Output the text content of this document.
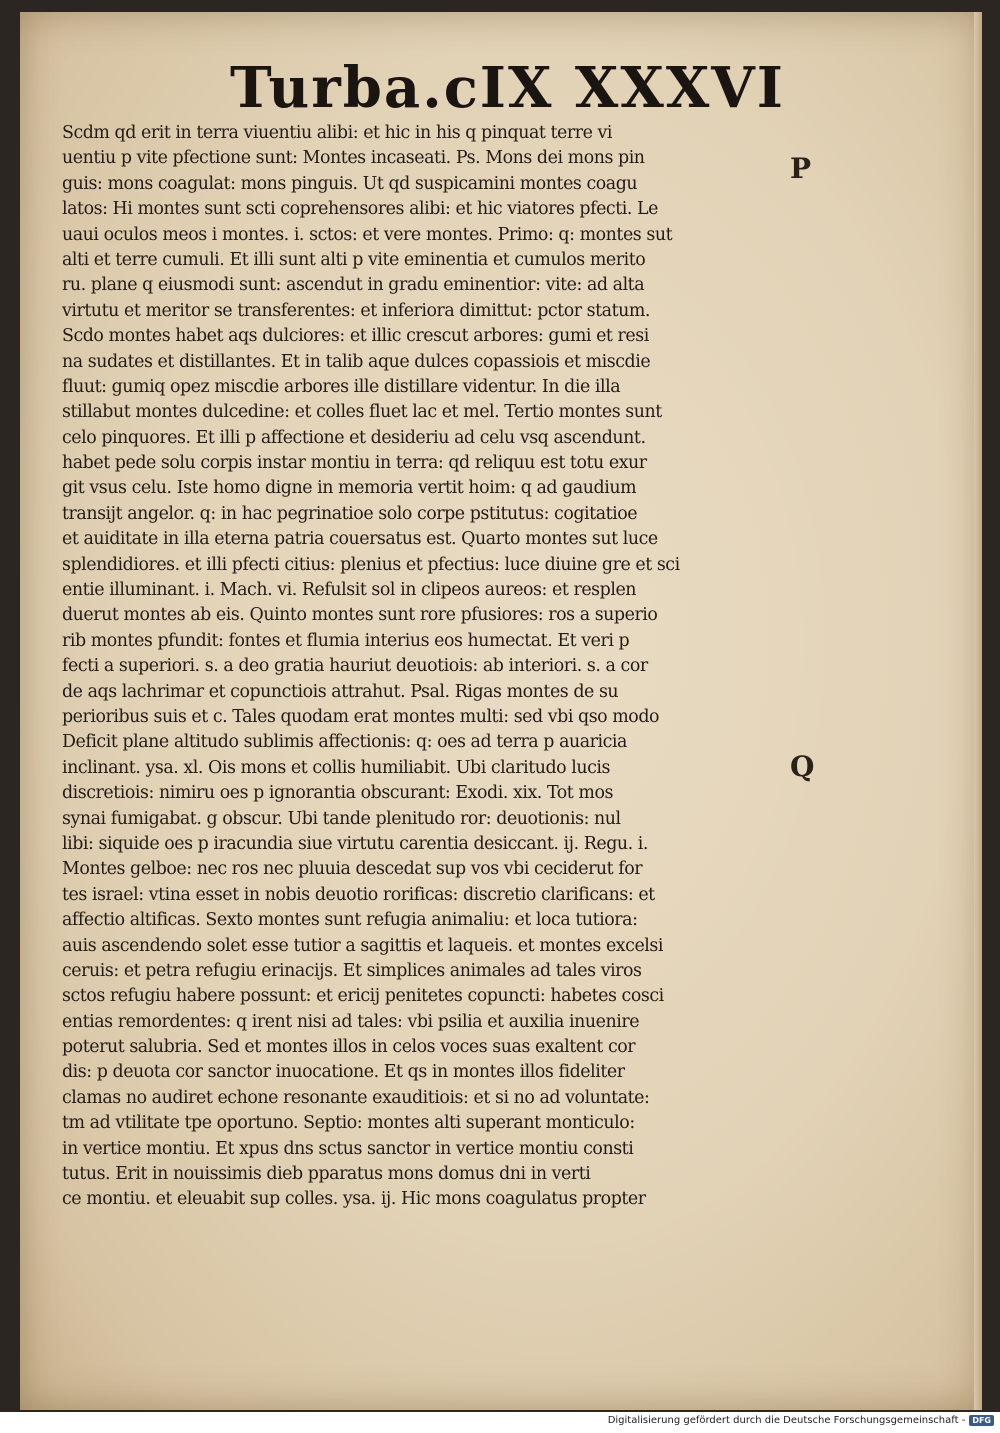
Turba.cIX XXXVI
P
Q
Scdm qd erit in terra viuentiu alibi: et hic in his q pinquat terre vi
uentiu p vite pfectione sunt: Montes incaseati. Ps. Mons dei mons pin
guis: mons coagulat: mons pinguis. Ut qd suspicamini montes coagu
latos: Hi montes sunt scti coprehensores alibi: et hic viatores pfecti. Le
uaui oculos meos i montes. i. sctos: et vere montes. Primo: q: montes sut
alti et terre cumuli. Et illi sunt alti p vite eminentia et cumulos merito
ru. plane q eiusmodi sunt: ascendut in gradu eminentior: vite: ad alta
virtutu et meritor se transferentes: et inferiora dimittut: pctor statum.
Scdo montes habet aqs dulciores: et illic crescut arbores: gumi et resi
na sudates et distillantes. Et in talib aque dulces copassiois et miscdie
fluut: gumiq opez miscdie arbores ille distillare videntur. In die illa
stillabut montes dulcedine: et colles fluet lac et mel. Tertio montes sunt
celo pinquores. Et illi p affectione et desideriu ad celu vsq ascendunt.
habet pede solu corpis instar montiu in terra: qd reliquu est totu exur
git vsus celu. Iste homo digne in memoria vertit hoim: q ad gaudium
transijt angelor. q: in hac pegrinatioe solo corpe pstitutus: cogitatioe
et auiditate in illa eterna patria couersatus est. Quarto montes sut luce
splendidiores. et illi pfecti citius: plenius et pfectius: luce diuine gre et sci
entie illuminant. i. Mach. vi. Refulsit sol in clipeos aureos: et resplen
duerut montes ab eis. Quinto montes sunt rore pfusiores: ros a superio
rib montes pfundit: fontes et flumia interius eos humectat. Et veri p
fecti a superiori. s. a deo gratia hauriut deuotiois: ab interiori. s. a cor
de aqs lachrimar et copunctiois attrahut. Psal. Rigas montes de su
perioribus suis et c. Tales quodam erat montes multi: sed vbi qso modo
Deficit plane altitudo sublimis affectionis: q: oes ad terra p auaricia
inclinant. ysa. xl. Ois mons et collis humiliabit. Ubi claritudo lucis
discretiois: nimiru oes p ignorantia obscurant: Exodi. xix. Tot mos
synai fumigabat. g obscur. Ubi tande plenitudo ror: deuotionis: nul
libi: siquide oes p iracundia siue virtutu carentia desiccant. ij. Regu. i.
Montes gelboe: nec ros nec pluuia descedat sup vos vbi ceciderut for
tes israel: vtina esset in nobis deuotio rorificas: discretio clarificans: et
affectio altificas. Sexto montes sunt refugia animaliu: et loca tutiora:
auis ascendendo solet esse tutior a sagittis et laqueis. et montes excelsi
ceruis: et petra refugiu erinacijs. Et simplices animales ad tales viros
sctos refugiu habere possunt: et ericij penitetes copuncti: habetes cosci
entias remordentes: q irent nisi ad tales: vbi psilia et auxilia inuenire
poterut salubria. Sed et montes illos in celos voces suas exaltent cor
dis: p deuota cor sanctor inuocatione. Et qs in montes illos fideliter
clamas no audiret echone resonante exauditiois: et si no ad voluntate:
tm ad vtilitate tpe oportuno. Septio: montes alti superant monticulo:
in vertice montiu. Et xpus dns sctus sanctor in vertice montiu consti
tutus. Erit in nouissimis dieb pparatus mons domus dni in verti
ce montiu. et eleuabit sup colles. ysa. ij. Hic mons coagulatus propter
Digitalisierung gefördert durch die Deutsche Forschungsgemeinschaft - DFG
